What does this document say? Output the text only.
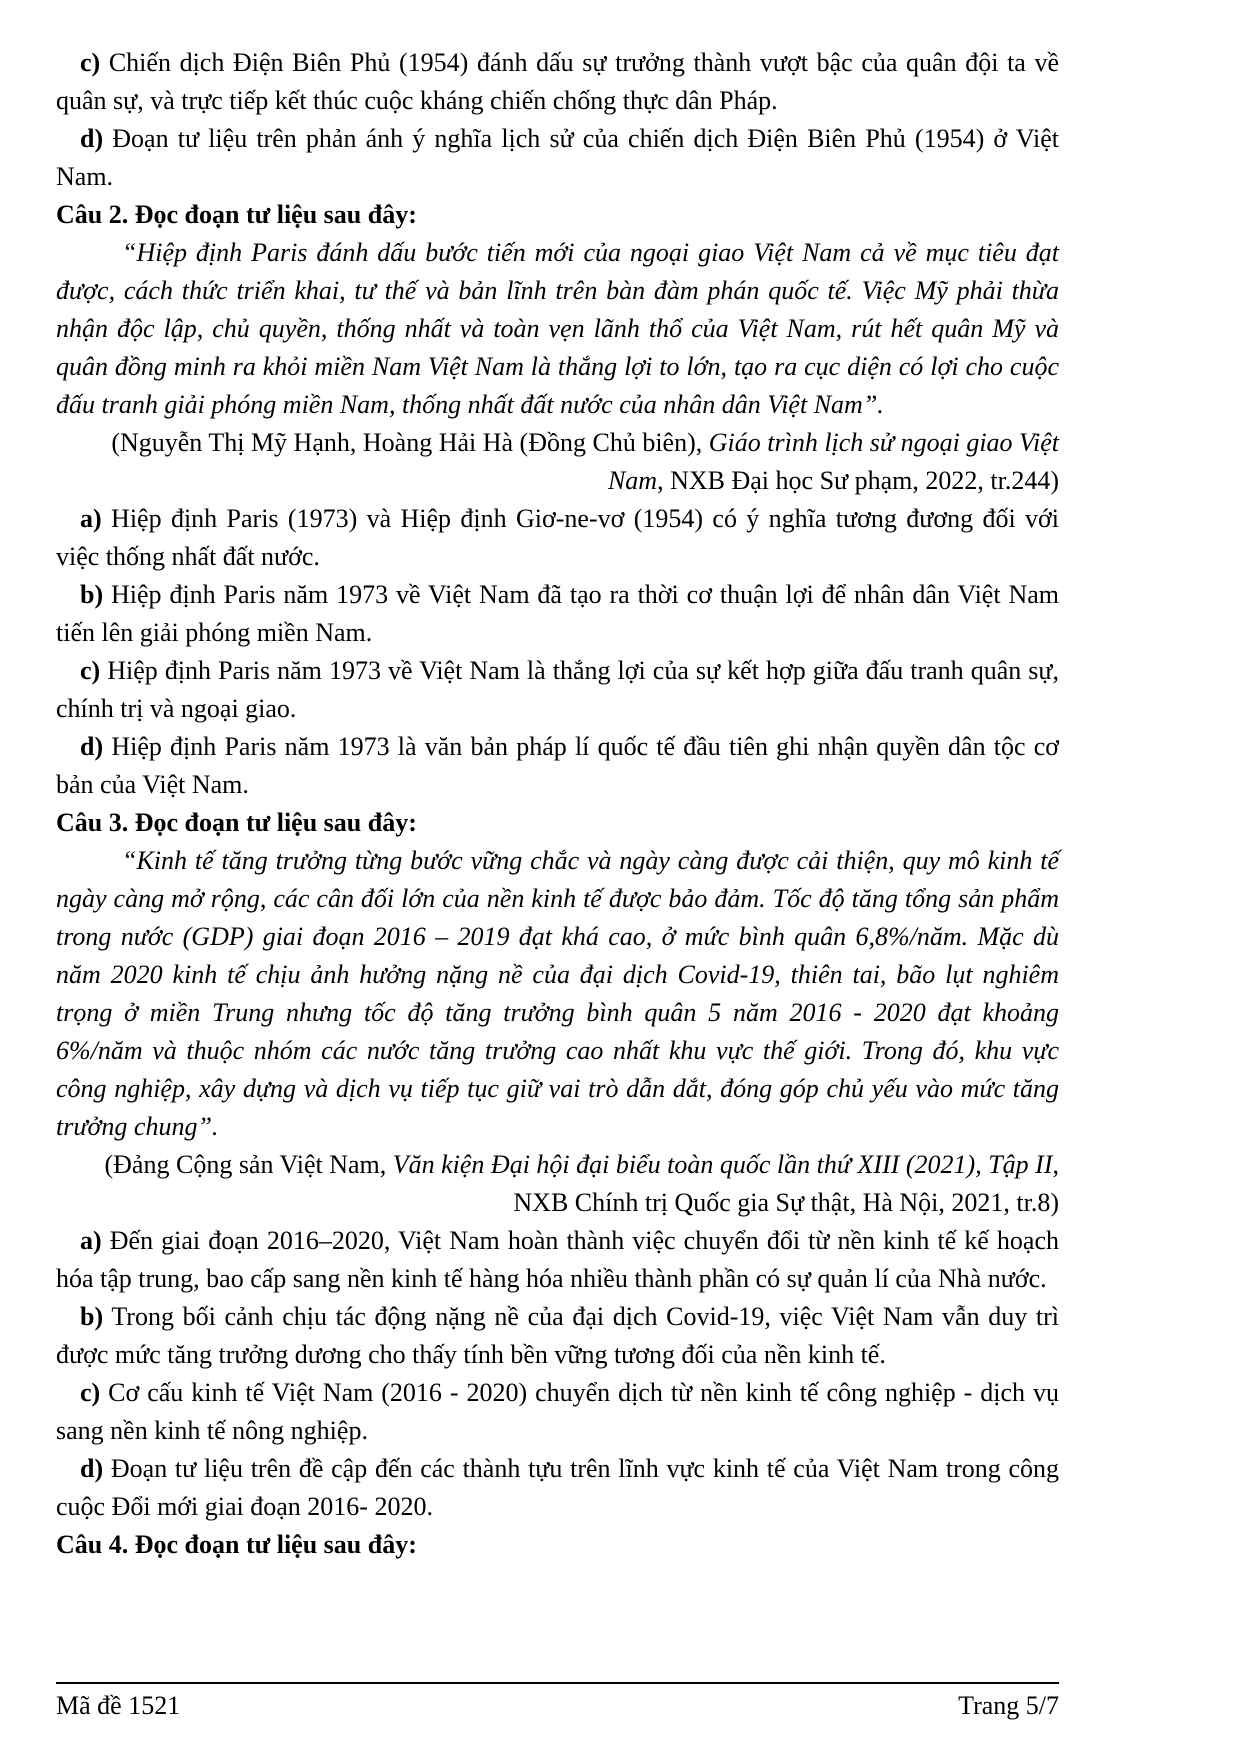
c) Chiến dịch Điện Biên Phủ (1954) đánh dấu sự trưởng thành vượt bậc của quân đội ta về quân sự, và trực tiếp kết thúc cuộc kháng chiến chống thực dân Pháp.

d) Đoạn tư liệu trên phản ánh ý nghĩa lịch sử của chiến dịch Điện Biên Phủ (1954) ở Việt Nam.

Câu 2. Đọc đoạn tư liệu sau đây:

“Hiệp định Paris đánh dấu bước tiến mới của ngoại giao Việt Nam cả về mục tiêu đạt được, cách thức triển khai, tư thế và bản lĩnh trên bàn đàm phán quốc tế. Việc Mỹ phải thừa nhận độc lập, chủ quyền, thống nhất và toàn vẹn lãnh thổ của Việt Nam, rút hết quân Mỹ và quân đồng minh ra khỏi miền Nam Việt Nam là thắng lợi to lớn, tạo ra cục diện có lợi cho cuộc đấu tranh giải phóng miền Nam, thống nhất đất nước của nhân dân Việt Nam”.

(Nguyễn Thị Mỹ Hạnh, Hoàng Hải Hà (Đồng Chủ biên), Giáo trình lịch sử ngoại giao Việt Nam, NXB Đại học Sư phạm, 2022, tr.244)

a) Hiệp định Paris (1973) và Hiệp định Giơ-ne-vơ (1954) có ý nghĩa tương đương đối với việc thống nhất đất nước.

b) Hiệp định Paris năm 1973 về Việt Nam đã tạo ra thời cơ thuận lợi để nhân dân Việt Nam tiến lên giải phóng miền Nam.

c) Hiệp định Paris năm 1973 về Việt Nam là thắng lợi của sự kết hợp giữa đấu tranh quân sự, chính trị và ngoại giao.

d) Hiệp định Paris năm 1973 là văn bản pháp lí quốc tế đầu tiên ghi nhận quyền dân tộc cơ bản của Việt Nam.

Câu 3. Đọc đoạn tư liệu sau đây:

“Kinh tế tăng trưởng từng bước vững chắc và ngày càng được cải thiện, quy mô kinh tế ngày càng mở rộng, các cân đối lớn của nền kinh tế được bảo đảm. Tốc độ tăng tổng sản phẩm trong nước (GDP) giai đoạn 2016 – 2019 đạt khá cao, ở mức bình quân 6,8%/năm. Mặc dù năm 2020 kinh tế chịu ảnh hưởng nặng nề của đại dịch Covid-19, thiên tai, bão lụt nghiêm trọng ở miền Trung nhưng tốc độ tăng trưởng bình quân 5 năm 2016 - 2020 đạt khoảng 6%/năm và thuộc nhóm các nước tăng trưởng cao nhất khu vực thế giới. Trong đó, khu vực công nghiệp, xây dựng và dịch vụ tiếp tục giữ vai trò dẫn dắt, đóng góp chủ yếu vào mức tăng trưởng chung”.

(Đảng Cộng sản Việt Nam, Văn kiện Đại hội đại biểu toàn quốc lần thứ XIII (2021), Tập II, NXB Chính trị Quốc gia Sự thật, Hà Nội, 2021, tr.8)

a) Đến giai đoạn 2016–2020, Việt Nam hoàn thành việc chuyển đổi từ nền kinh tế kế hoạch hóa tập trung, bao cấp sang nền kinh tế hàng hóa nhiều thành phần có sự quản lí của Nhà nước.

b) Trong bối cảnh chịu tác động nặng nề của đại dịch Covid-19, việc Việt Nam vẫn duy trì được mức tăng trưởng dương cho thấy tính bền vững tương đối của nền kinh tế.

c) Cơ cấu kinh tế Việt Nam (2016 - 2020) chuyển dịch từ nền kinh tế công nghiệp - dịch vụ sang nền kinh tế nông nghiệp.

d) Đoạn tư liệu trên đề cập đến các thành tựu trên lĩnh vực kinh tế của Việt Nam trong công cuộc Đổi mới giai đoạn 2016- 2020.

Câu 4. Đọc đoạn tư liệu sau đây:

Mã đề 1521	Trang 5/7
